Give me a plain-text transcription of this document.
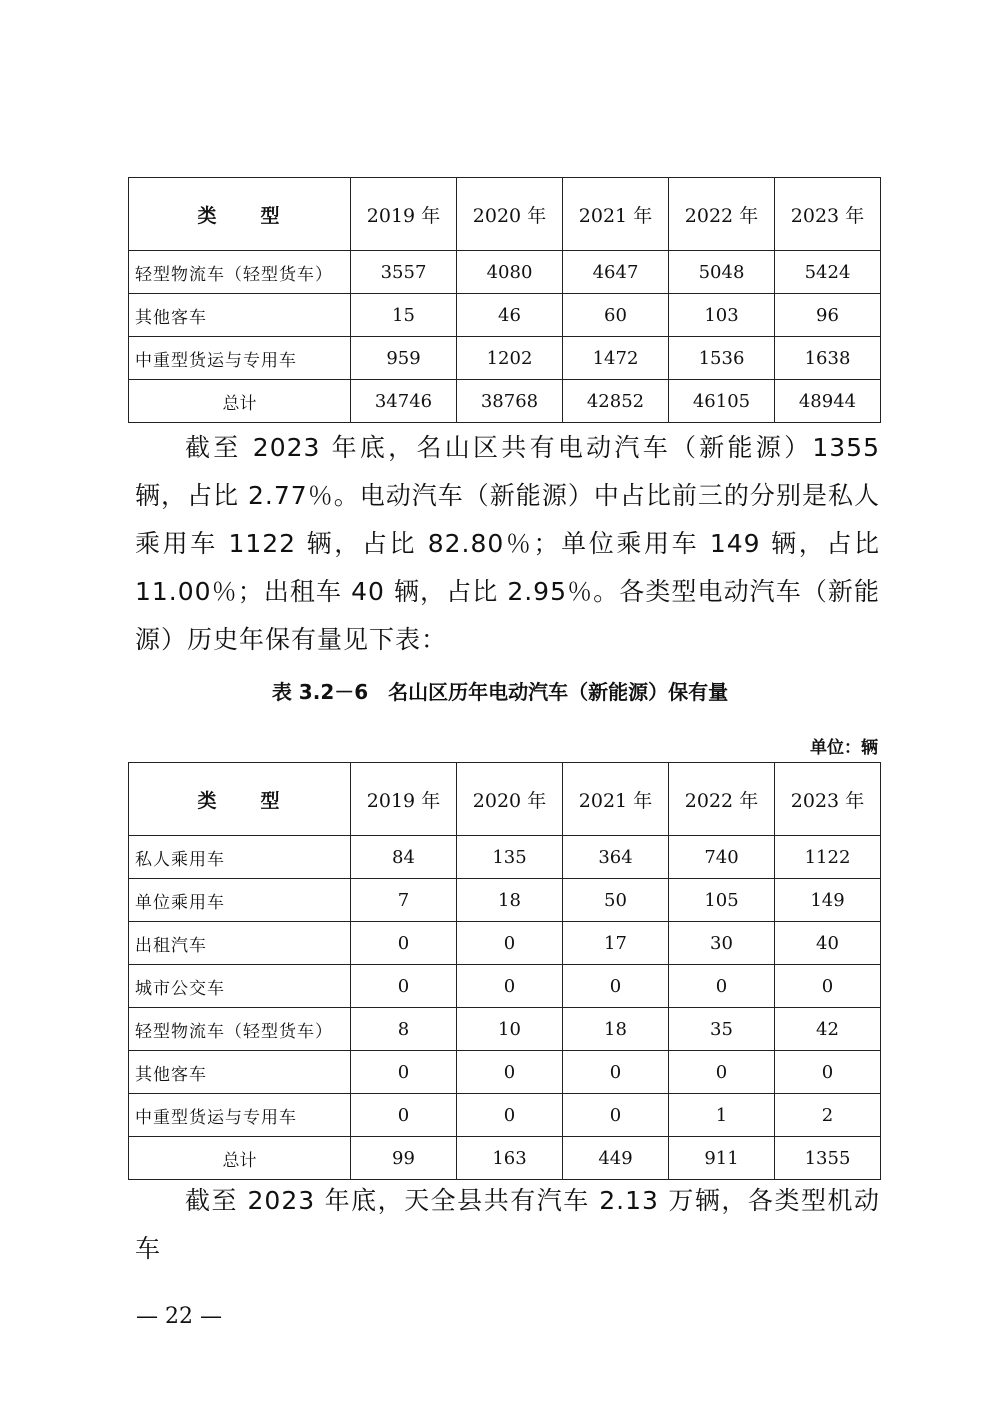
类　　型	2019 年	2020 年	2021 年	2022 年	2023 年
轻型物流车（轻型货车）	3557	4080	4647	5048	5424
其他客车	15	46	60	103	96
中重型货运与专用车	959	1202	1472	1536	1638
总计	34746	38768	42852	46105	48944

截至 2023 年底，名山区共有电动汽车（新能源）1355 辆，占比 2.77％。电动汽车（新能源）中占比前三的分别是私人乘用车 1122 辆，占比 82.80％；单位乘用车 149 辆，占比 11.00％；出租车 40 辆，占比 2.95％。各类型电动汽车（新能源）历史年保有量见下表：

表 3.2－6　名山区历年电动汽车（新能源）保有量
单位：辆
类　　型	2019 年	2020 年	2021 年	2022 年	2023 年
私人乘用车	84	135	364	740	1122
单位乘用车	7	18	50	105	149
出租汽车	0	0	17	30	40
城市公交车	0	0	0	0	0
轻型物流车（轻型货车）	8	10	18	35	42
其他客车	0	0	0	0	0
中重型货运与专用车	0	0	0	1	2
总计	99	163	449	911	1355

截至 2023 年底，天全县共有汽车 2.13 万辆，各类型机动车

— 22 —
